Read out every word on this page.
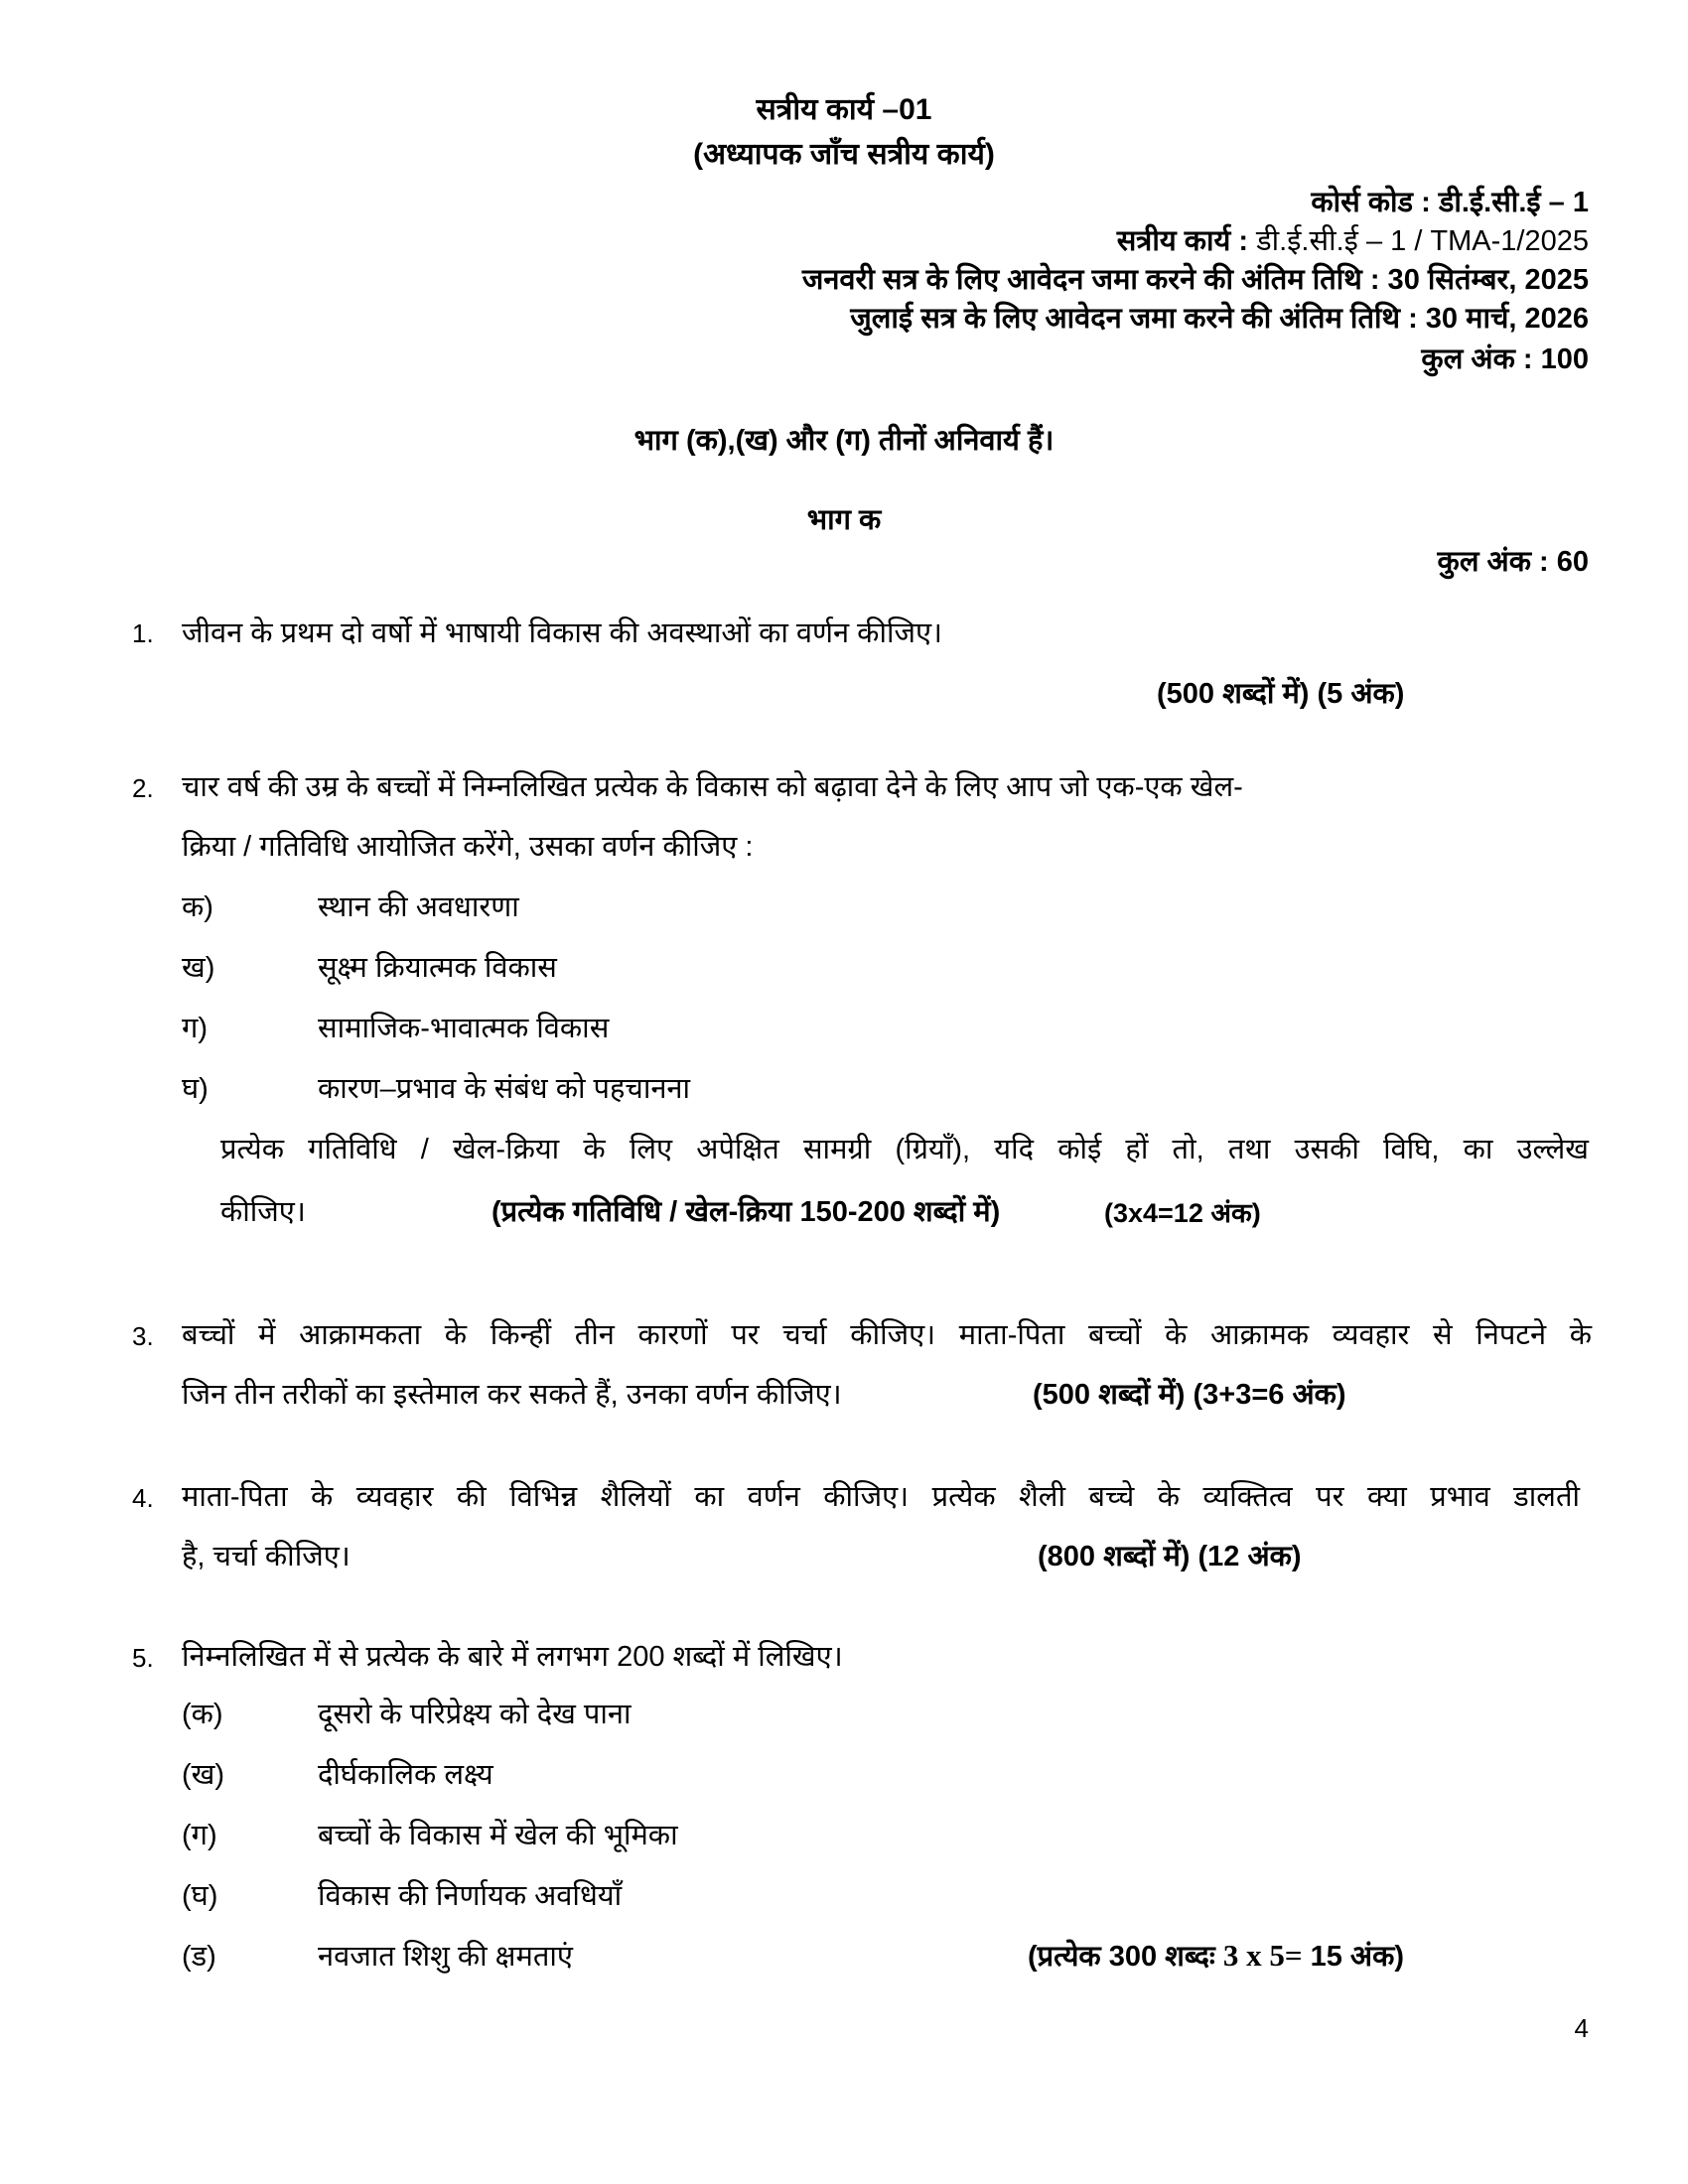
सत्रीय कार्य –01
(अध्यापक जाँच सत्रीय कार्य)
कोर्स कोड : डी.ई.सी.ई – 1
सत्रीय कार्य : डी.ई.सी.ई – 1 / TMA-1/2025
जनवरी सत्र के लिए आवेदन जमा करने की अंतिम तिथि : 30 सितंम्बर, 2025
जुलाई सत्र के लिए आवेदन जमा करने की अंतिम तिथि : 30 मार्च, 2026
कुल अंक : 100
भाग (क),(ख) और (ग) तीनों अनिवार्य हैं।
भाग क
कुल अंक : 60
1. जीवन के प्रथम दो वर्षो में भाषायी विकास की अवस्थाओं का वर्णन कीजिए।
(500 शब्दों में) (5 अंक)
2. चार वर्ष की उम्र के बच्चों में निम्नलिखित प्रत्येक के विकास को बढ़ावा देने के लिए आप जो एक-एक खेल-
क्रिया / गतिविधि आयोजित करेंगे, उसका वर्णन कीजिए :
क)	स्थान की अवधारणा
ख)	सूक्ष्म क्रियात्मक विकास
ग)	सामाजिक-भावात्मक विकास
घ)	कारण–प्रभाव के संबंध को पहचानना
प्रत्येक गतिविधि / खेल-क्रिया के लिए अपेक्षित सामग्री (ग्रियाँ), यदि कोई हों तो, तथा उसकी विघि, का उल्लेख
कीजिए।	(प्रत्येक गतिविधि / खेल-क्रिया 150-200 शब्दों में)	(3x4=12 अंक)
3. बच्चों में आक्रामकता के किन्हीं तीन कारणों पर चर्चा कीजिए। माता-पिता बच्चों के आक्रामक व्यवहार से निपटने के
जिन तीन तरीकों का इस्तेमाल कर सकते हैं, उनका वर्णन कीजिए।	(500 शब्दों में) (3+3=6 अंक)
4. माता-पिता के व्यवहार की विभिन्न शैलियों का वर्णन कीजिए। प्रत्येक शैली बच्चे के व्यक्तित्व पर क्या प्रभाव डालती
है, चर्चा कीजिए।	(800 शब्दों में) (12 अंक)
5. निम्नलिखित में से प्रत्येक के बारे में लगभग 200 शब्दों में लिखिए।
(क)	दूसरो के परिप्रेक्ष्य को देख पाना
(ख)	दीर्घकालिक लक्ष्य
(ग)	बच्चों के विकास में खेल की भूमिका
(घ)	विकास की निर्णायक अवधियाँ
(ड)	नवजात शिशु की क्षमताएं	(प्रत्येक 300 शब्दः 3 x 5= 15 अंक)
4
